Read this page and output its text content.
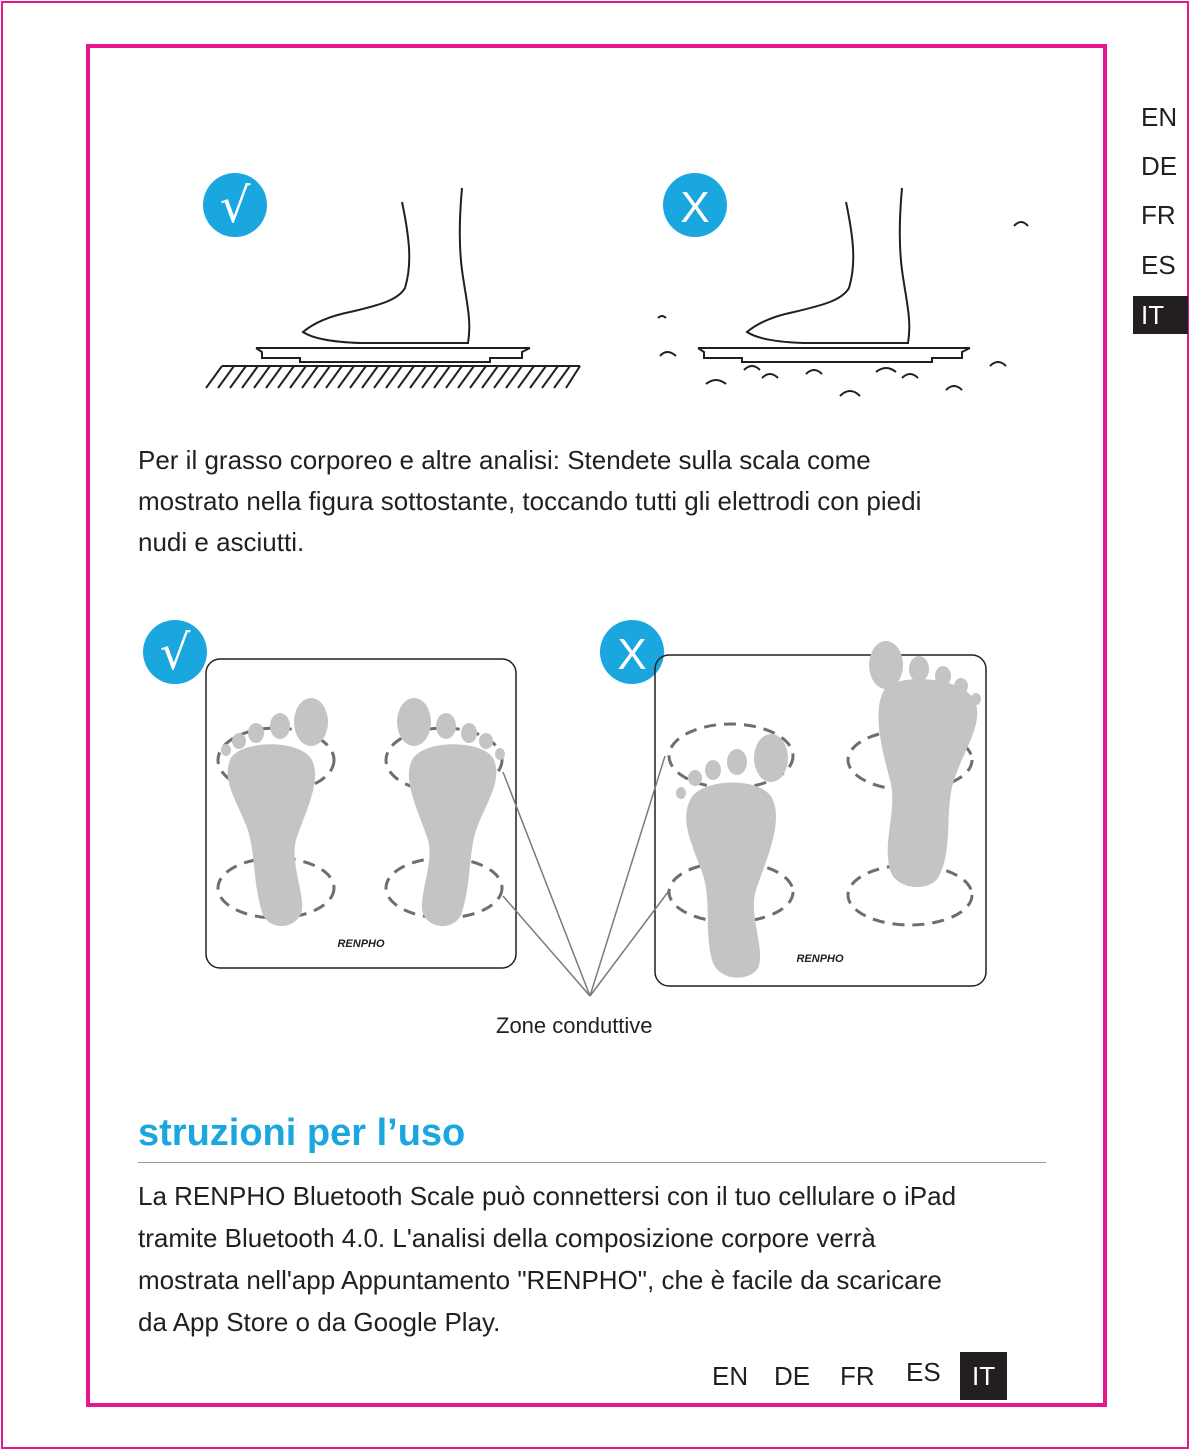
EN
DE
FR
ES
IT
√	X

Per il grasso corporeo e altre analisi: Stendete sulla scala come

mostrato nella figura sottostante, toccando tutti gli elettrodi con piedi

nudi e asciutti.

√	X
RENPHO
RENPHO
Zone conduttive
struzioni per l’uso

La RENPHO Bluetooth Scale può connettersi con il tuo cellulare o iPad

tramite Bluetooth 4.0. L'analisi della composizione corpore verrà

mostrata nell'app Appuntamento "RENPHO", che è facile da scaricare

da App Store o da Google Play.

EN DE FR ES	IT
